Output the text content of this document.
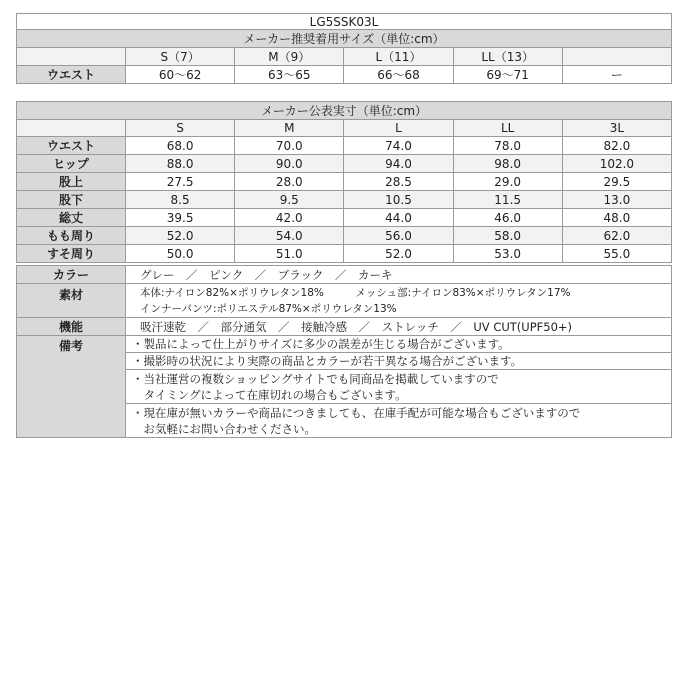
LG5SSK03L					
メーカー推奨着用サイズ（単位:cm）					
	S（7）	M（9）	L（11）	LL（13）	
ウエスト	60～62	63～65	66～68	69～71	ー
メーカー公表実寸（単位:cm）					
	S	M	L	LL	3L
ウエスト	68.0	70.0	74.0	78.0	82.0
ヒップ	88.0	90.0	94.0	98.0	102.0
股上	27.5	28.0	28.5	29.0	29.5
股下	8.5	9.5	10.5	11.5	13.0
総丈	39.5	42.0	44.0	46.0	48.0
もも周り	52.0	54.0	56.0	58.0	62.0
すそ周り	50.0	51.0	52.0	53.0	55.0
カラー	グレー　／　ピンク　／　ブラック　／　カーキ
素材	本体:ナイロン82%×ポリウレタン18%　　　メッシュ部:ナイロン83%×ポリウレタン17%
インナーパンツ:ポリエステル87%×ポリウレタン13%

機能	吸汗速乾　／　部分通気　／　接触冷感　／　ストレッチ　／　UV CUT(UPF50+)
備考	・製品によって仕上がりサイズに多少の誤差が生じる場合がございます。

	・撮影時の状況により実際の商品とカラーが若干異なる場合がございます。

	・当社運営の複数ショッピングサイトでも同商品を掲載していますので
　タイミングによって在庫切れの場合もございます。

	・現在庫が無いカラーや商品につきましても、在庫手配が可能な場合もございますので
　お気軽にお問い合わせください。
